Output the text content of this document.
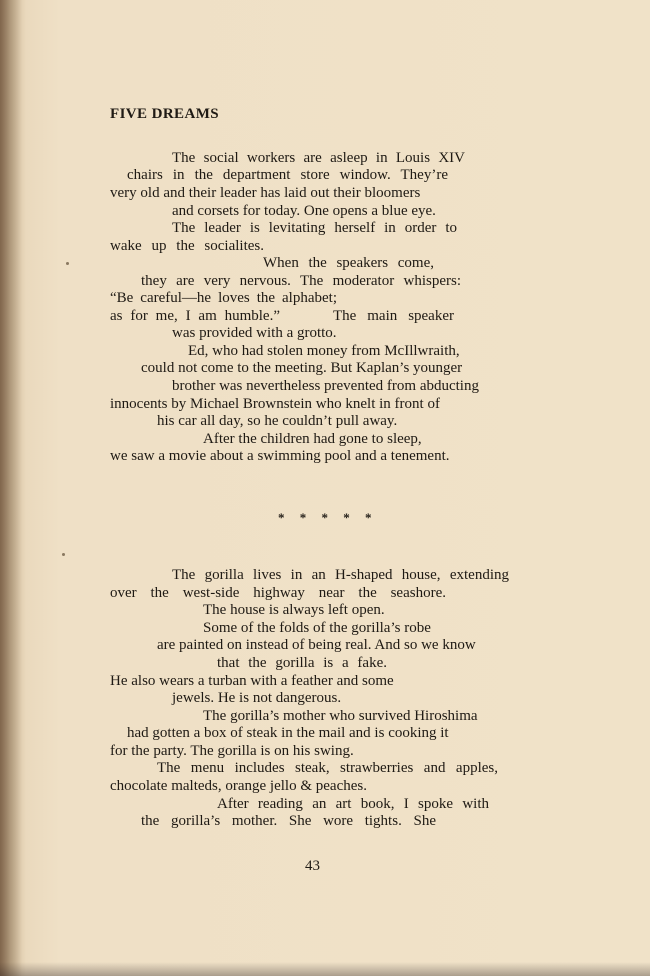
FIVE DREAMS
The social workers are asleep in Louis XIV
chairs in the department store window. They’re
very old and their leader has laid out their bloomers
and corsets for today. One opens a blue eye.
The leader is levitating herself in order to
wake up the socialites.
When the speakers come,
they are very nervous. The moderator whispers:
“Be careful—he loves the alphabet;
as for me, I am humble.”	The main speaker
was provided with a grotto.
Ed, who had stolen money from McIllwraith,
could not come to the meeting. But Kaplan’s younger
brother was nevertheless prevented from abducting
innocents by Michael Brownstein who knelt in front of
his car all day, so he couldn’t pull away.
After the children had gone to sleep,
we saw a movie about a swimming pool and a tenement.
* * * * *
The gorilla lives in an H-shaped house, extending
over the west-side highway near the seashore.
The house is always left open.
Some of the folds of the gorilla’s robe
are painted on instead of being real. And so we know
that the gorilla is a fake.
He also wears a turban with a feather and some
jewels. He is not dangerous.
The gorilla’s mother who survived Hiroshima
had gotten a box of steak in the mail and is cooking it
for the party. The gorilla is on his swing.
The menu includes steak, strawberries and apples,
chocolate malteds, orange jello & peaches.
After reading an art book, I spoke with
the gorilla’s mother. She wore tights. She
43
